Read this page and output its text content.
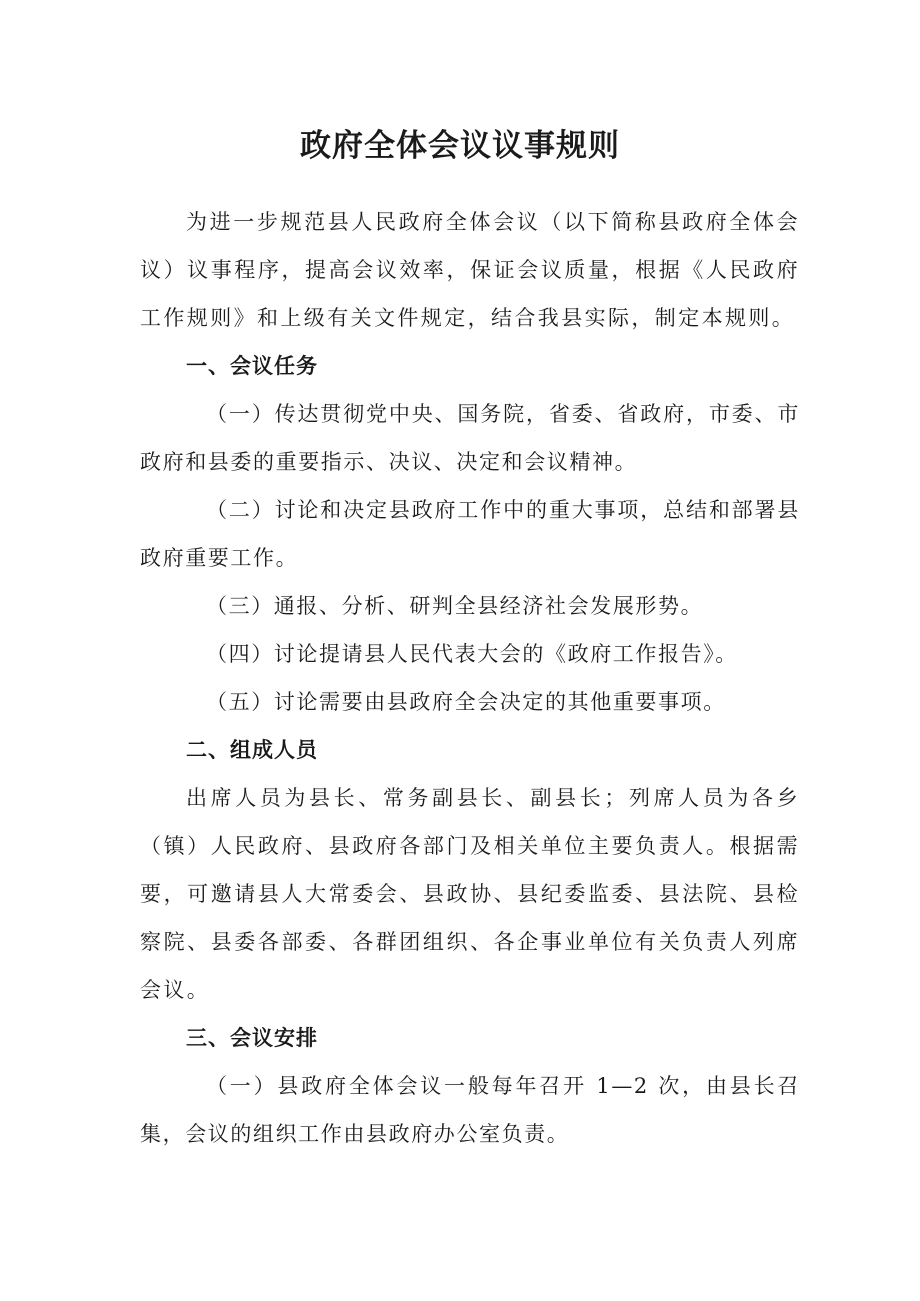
政府全体会议议事规则

为进一步规范县人民政府全体会议（以下简称县政府全体会议）议事程序，提高会议效率，保证会议质量，根据《人民政府工作规则》和上级有关文件规定，结合我县实际，制定本规则。

一、会议任务

（一）传达贯彻党中央、国务院，省委、省政府，市委、市政府和县委的重要指示、决议、决定和会议精神。

（二）讨论和决定县政府工作中的重大事项，总结和部署县政府重要工作。

（三）通报、分析、研判全县经济社会发展形势。

（四）讨论提请县人民代表大会的《政府工作报告》。

（五）讨论需要由县政府全会决定的其他重要事项。

二、组成人员

出席人员为县长、常务副县长、副县长；列席人员为各乡（镇）人民政府、县政府各部门及相关单位主要负责人。根据需要，可邀请县人大常委会、县政协、县纪委监委、县法院、县检察院、县委各部委、各群团组织、各企事业单位有关负责人列席会议。

三、会议安排

（一）县政府全体会议一般每年召开 1—2 次，由县长召集，会议的组织工作由县政府办公室负责。
